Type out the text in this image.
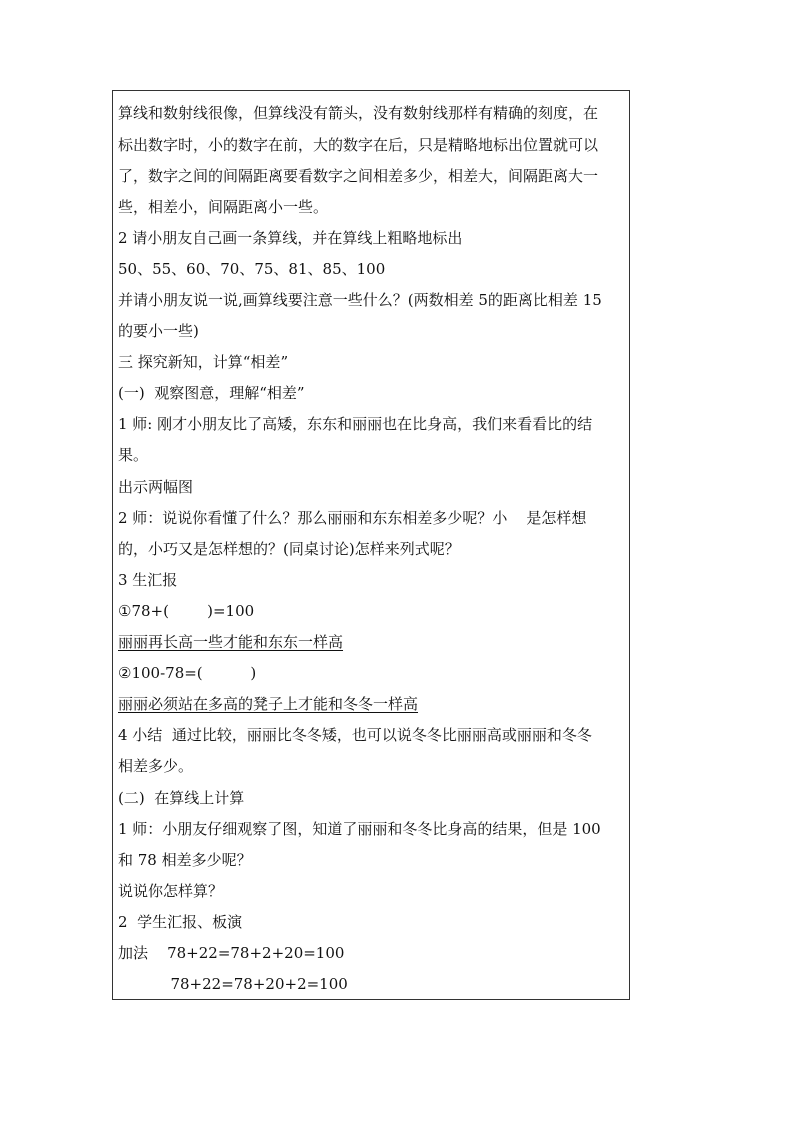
算线和数射线很像，但算线没有箭头，没有数射线那样有精确的刻度，在
标出数字时，小的数字在前，大的数字在后，只是精略地标出位置就可以
了，数字之间的间隔距离要看数字之间相差多少，相差大，间隔距离大一
些，相差小，间隔距离小一些。
2 请小朋友自己画一条算线，并在算线上粗略地标出
50、55、60、70、75、81、85、100
并请小朋友说一说,画算线要注意一些什么？(两数相差 5的距离比相差 15
的要小一些)
三 探究新知，计算“相差”
(一)  观察图意，理解“相差”
1 师: 刚才小朋友比了高矮，东东和丽丽也在比身高，我们来看看比的结
果。
出示两幅图
2 师：说说你看懂了什么？那么丽丽和东东相差多少呢？小    是怎样想
的，小巧又是怎样想的？(同桌讨论)怎样来列式呢？
3 生汇报
①78+(        )=100
丽丽再长高一些才能和东东一样高
②100-78=(          )
丽丽必须站在多高的凳子上才能和冬冬一样高
4 小结  通过比较，丽丽比冬冬矮，也可以说冬冬比丽丽高或丽丽和冬冬
相差多少。
(二)  在算线上计算
1 师：小朋友仔细观察了图，知道了丽丽和冬冬比身高的结果，但是 100
和 78 相差多少呢？
说说你怎样算？
2  学生汇报、板演
加法    78+22=78+2+20=100
78+22=78+20+2=100
